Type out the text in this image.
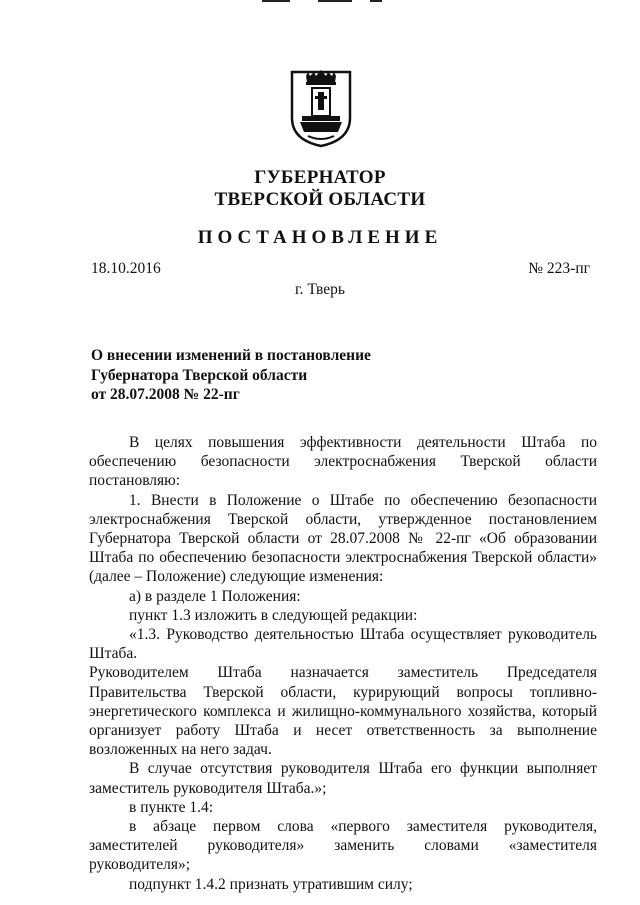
ГУБЕРНАТОР
ТВЕРСКОЙ ОБЛАСТИ
ПОСТАНОВЛЕНИЕ
18.10.2016	№ 223-пг
г. Тверь
О внесении изменений в постановление
Губернатора Тверской области
от 28.07.2008 № 22-пг

В целях повышения эффективности деятельности Штаба по обеспечению безопасности электроснабжения Тверской области постановляю:

1. Внести в Положение о Штабе по обеспечению безопасности электроснабжения Тверской области, утвержденное постановлением Губернатора Тверской области от 28.07.2008 № 22-пг «Об образовании Штаба по обеспечению безопасности электроснабжения Тверской области» (далее – Положение) следующие изменения:

а) в разделе 1 Положения:

пункт 1.3 изложить в следующей редакции:

«1.3. Руководство деятельностью Штаба осуществляет руководитель Штаба.

Руководителем Штаба назначается заместитель Председателя Правительства Тверской области, курирующий вопросы топливно-энергетического комплекса и жилищно-коммунального хозяйства, который организует работу Штаба и несет ответственность за выполнение возложенных на него задач.

В случае отсутствия руководителя Штаба его функции выполняет заместитель руководителя Штаба.»;

в пункте 1.4:

в абзаце первом слова «первого заместителя руководителя, заместителей руководителя» заменить словами «заместителя руководителя»;

подпункт 1.4.2 признать утратившим силу;
